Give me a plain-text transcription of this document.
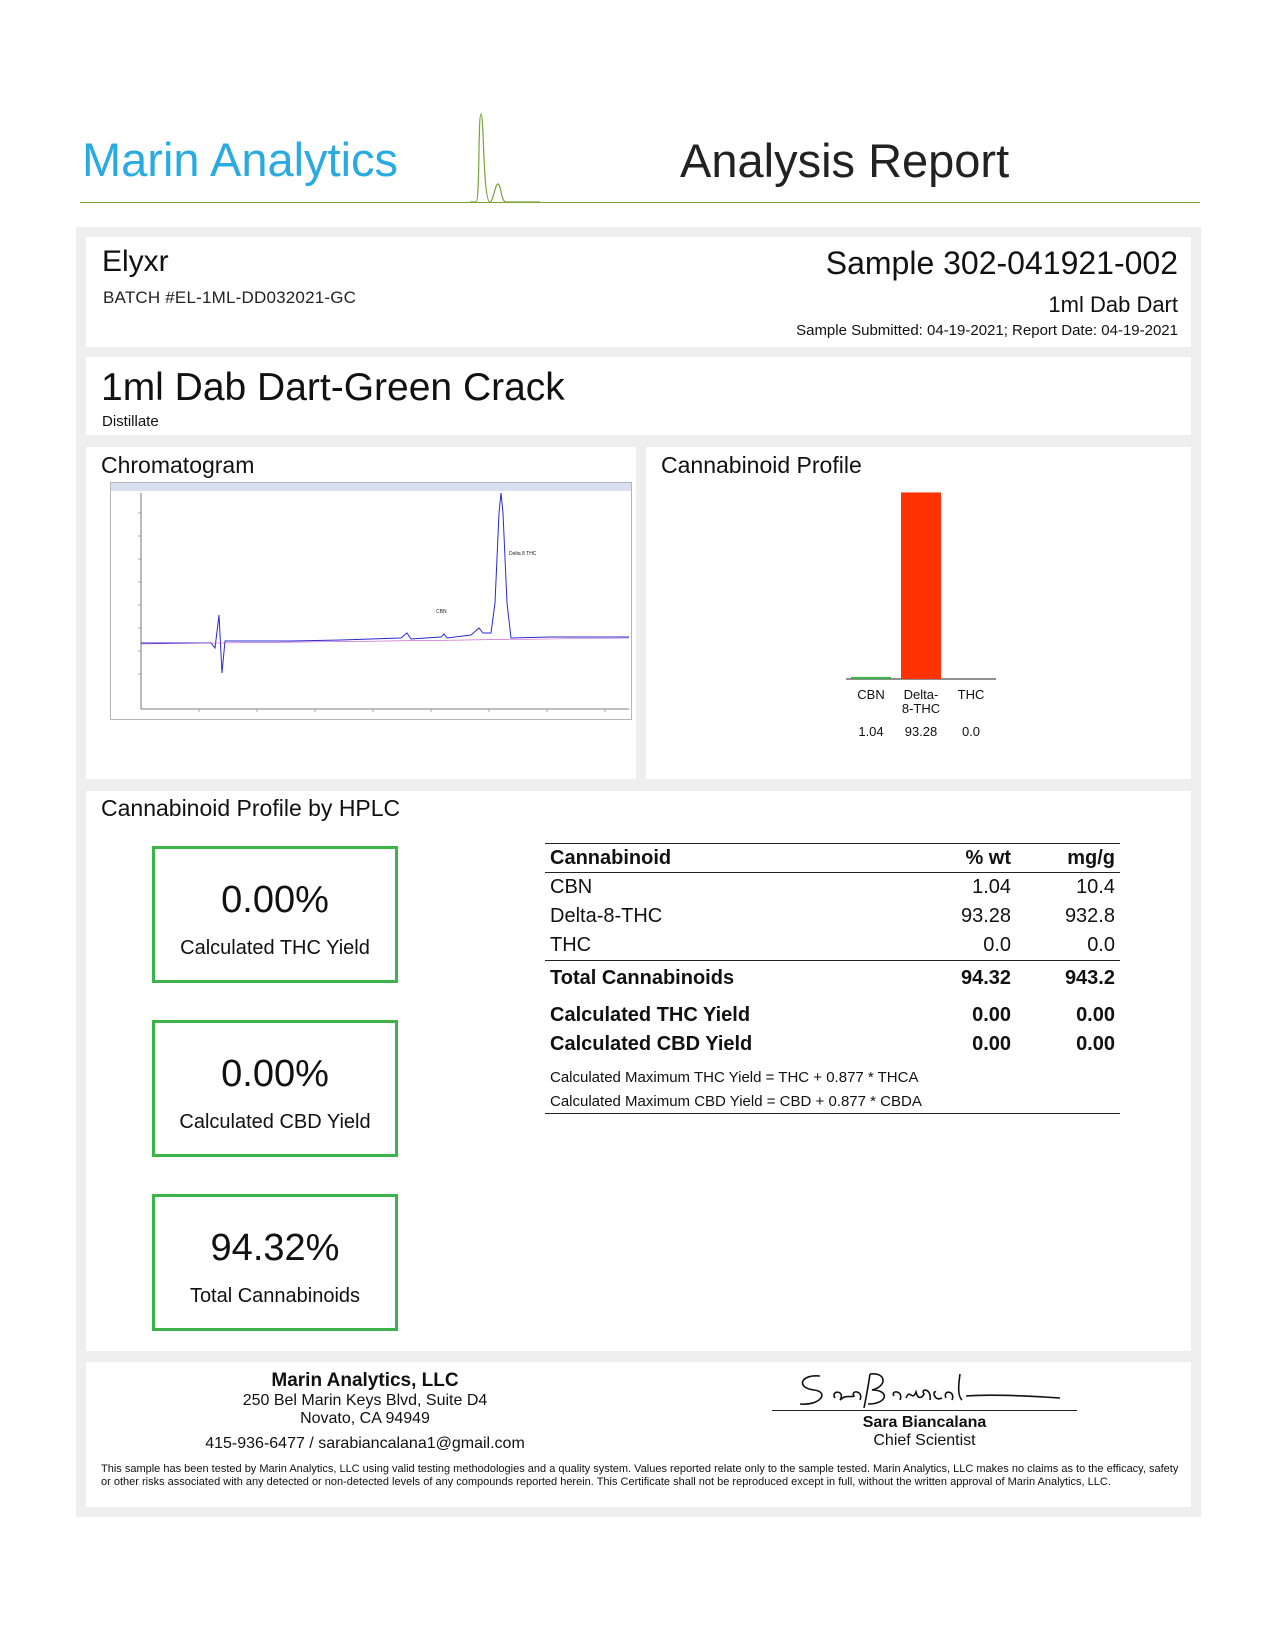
Marin Analytics	Analysis Report
Elyxr
BATCH #EL-1ML-DD032021-GC
Sample 302-041921-002
1ml Dab Dart
Sample Submitted: 04-19-2021; Report Date: 04-19-2021
1ml Dab Dart-Green Crack
Distillate
Chromatogram
CBN
Delta 8 THC
Cannabinoid Profile
CBN
1.04
Delta-
8-THC
93.28
THC
0.0
Cannabinoid Profile by HPLC
0.00%
Calculated THC Yield
0.00%
Calculated CBD Yield
94.32%
Total Cannabinoids
Cannabinoid	% wt	mg/g
CBN	1.04	10.4
Delta-8-THC	93.28	932.8
THC	0.0	0.0
Total Cannabinoids	94.32	943.2
Calculated THC Yield	0.00	0.00
Calculated CBD Yield	0.00	0.00
Calculated Maximum THC Yield = THC + 0.877 * THCA		
Calculated Maximum CBD Yield = CBD + 0.877 * CBDA		
Marin Analytics, LLC
250 Bel Marin Keys Blvd, Suite D4
Novato, CA 94949
415-936-6477 / sarabiancalana1@gmail.com
Sara Biancalana
Chief Scientist
This sample has been tested by Marin Analytics, LLC using valid testing methodologies and a quality system. Values reported relate only to the sample tested. Marin Analytics, LLC makes no claims as to the efficacy, safety or other risks associated with any detected or non-detected levels of any compounds reported herein. This Certificate shall not be reproduced except in full, without the written approval of Marin Analytics, LLC.
